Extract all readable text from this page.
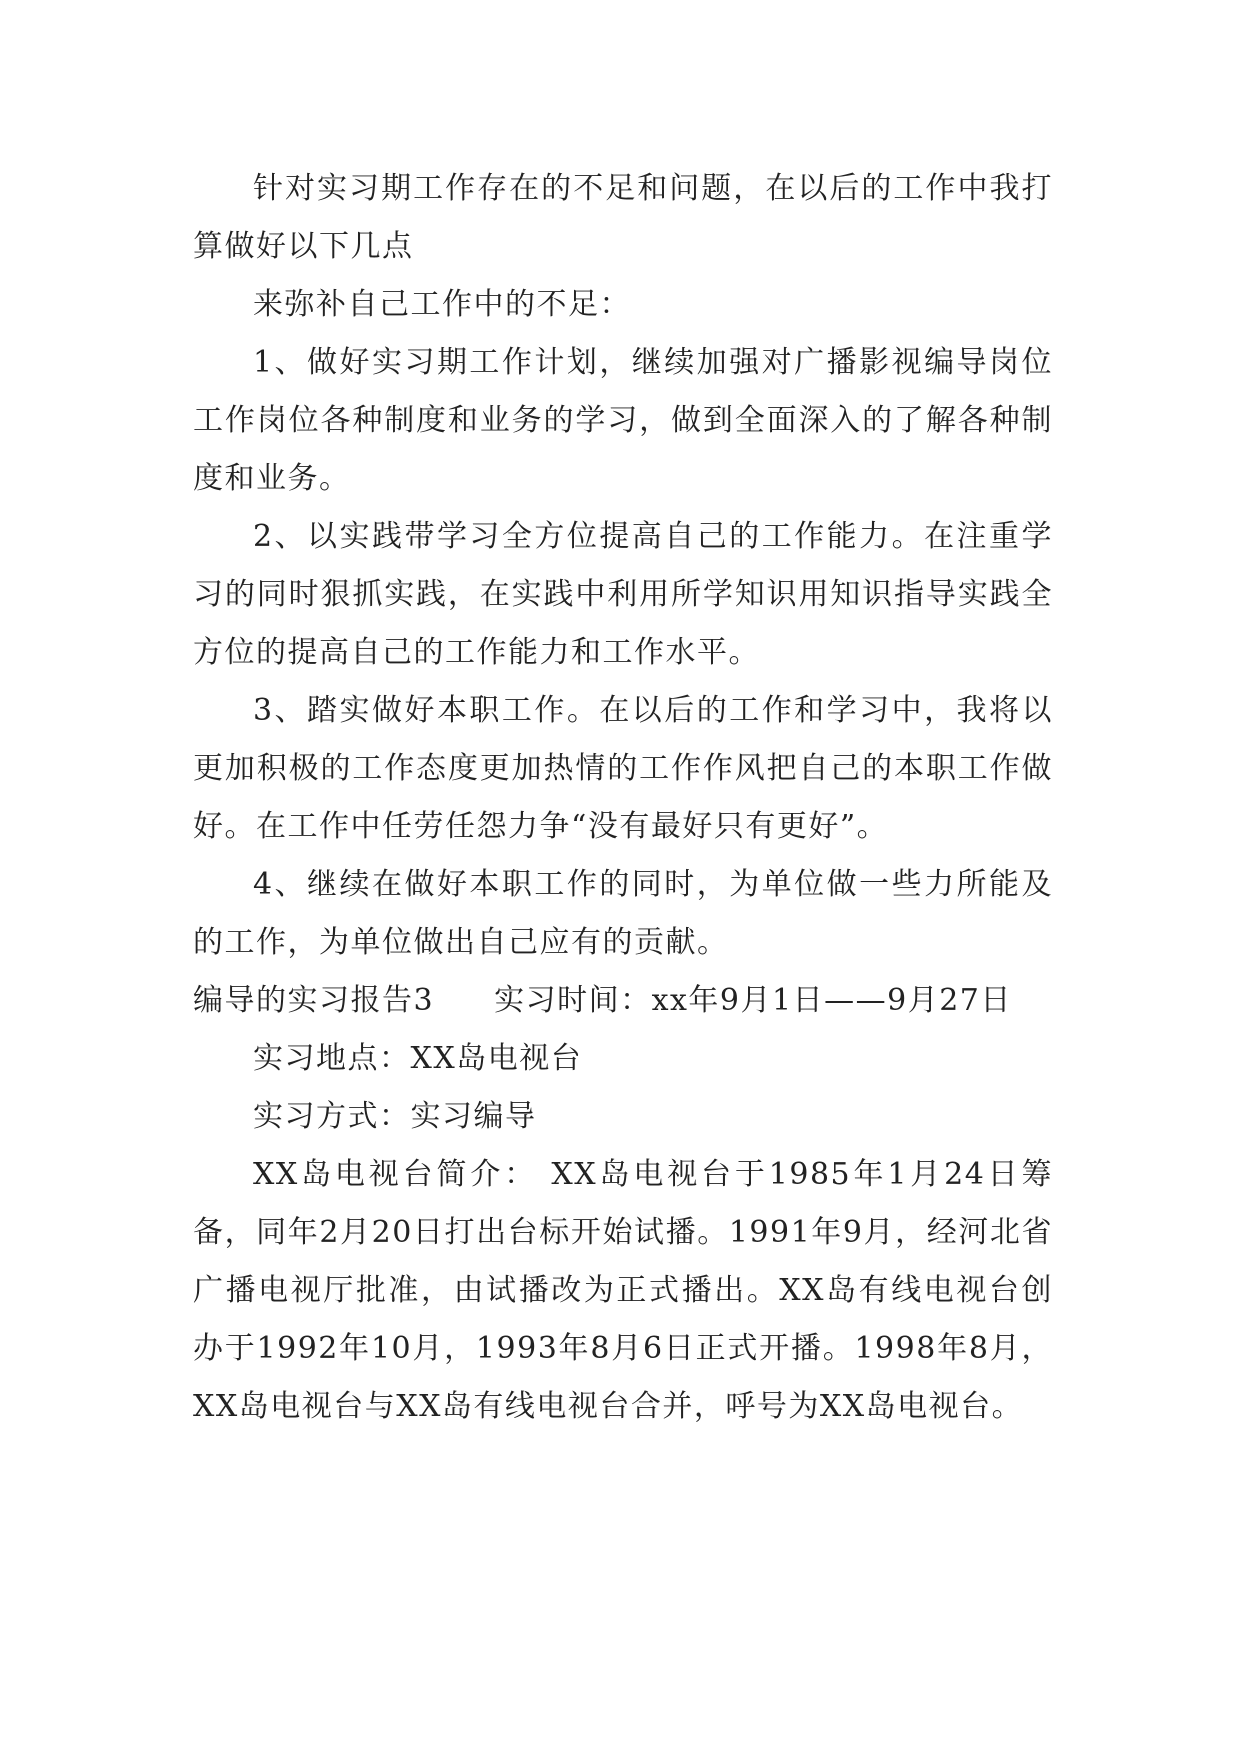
针对实习期工作存在的不足和问题，在以后的工作中我打算做好以下几点

来弥补自己工作中的不足：

1、做好实习期工作计划，继续加强对广播影视编导岗位工作岗位各种制度和业务的学习，做到全面深入的了解各种制度和业务。

2、以实践带学习全方位提高自己的工作能力。在注重学习的同时狠抓实践，在实践中利用所学知识用知识指导实践全方位的提高自己的工作能力和工作水平。

3、踏实做好本职工作。在以后的工作和学习中，我将以更加积极的工作态度更加热情的工作作风把自己的本职工作做好。在工作中任劳任怨力争“没有最好只有更好”。

4、继续在做好本职工作的同时，为单位做一些力所能及的工作，为单位做出自己应有的贡献。

编导的实习报告3 实习时间：xx年9月1日——9月27日

实习地点：XX岛电视台

实习方式：实习编导

XX岛电视台简介： XX岛电视台于1985年1月24日筹备，同年2月20日打出台标开始试播。1991年9月，经河北省广播电视厅批准，由试播改为正式播出。XX岛有线电视台创办于1992年10月，1993年8月6日正式开播。1998年8月，XX岛电视台与XX岛有线电视台合并，呼号为XX岛电视台。
